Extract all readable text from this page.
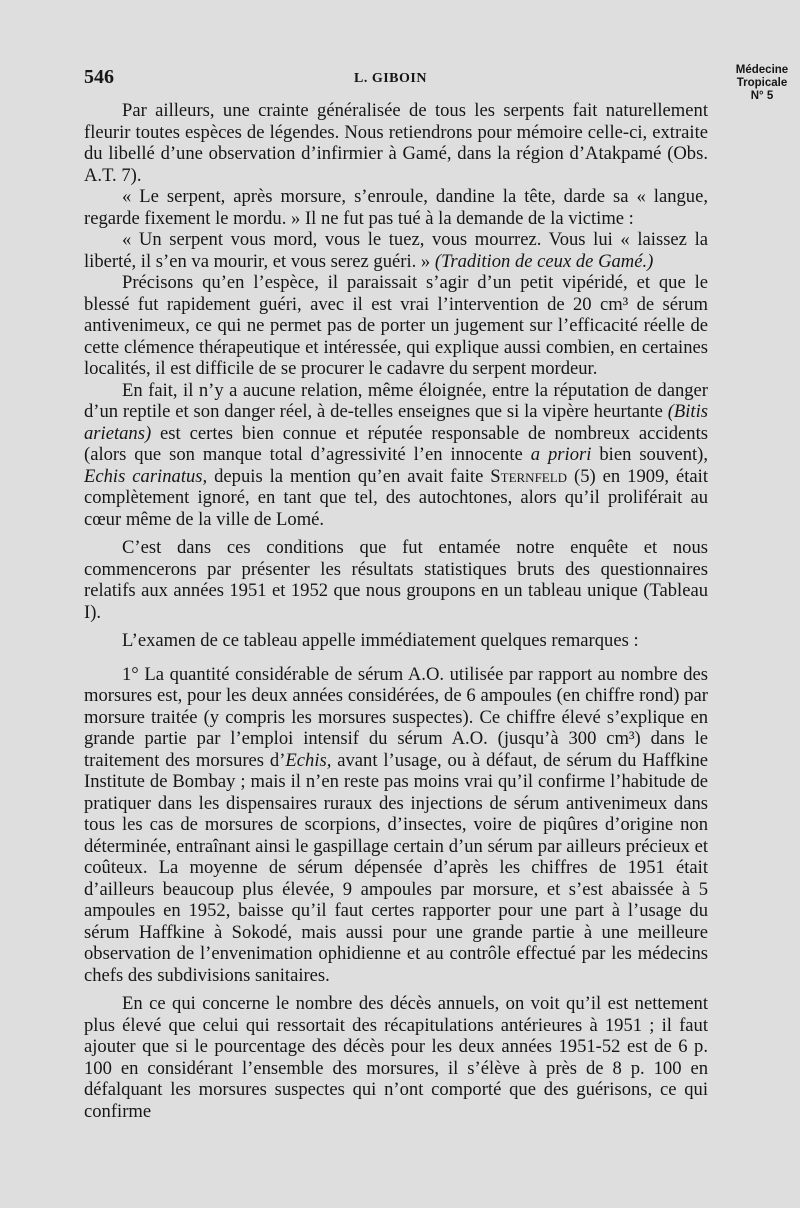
546	L. GIBOIN
Médecine
Tropicale
N° 5

Par ailleurs, une crainte généralisée de tous les serpents fait naturellement fleurir toutes espèces de légendes. Nous retiendrons pour mémoire celle-ci, extraite du libellé d’une observation d’infirmier à Gamé, dans la région d’Atakpamé (Obs. A.T. 7).

« Le serpent, après morsure, s’enroule, dandine la tête, darde sa « langue, regarde fixement le mordu. » Il ne fut pas tué à la demande de la victime :

« Un serpent vous mord, vous le tuez, vous mourrez. Vous lui « laissez la liberté, il s’en va mourir, et vous serez guéri. » (Tradition de ceux de Gamé.)

Précisons qu’en l’espèce, il paraissait s’agir d’un petit vipéridé, et que le blessé fut rapidement guéri, avec il est vrai l’intervention de 20 cm³ de sérum antivenimeux, ce qui ne permet pas de porter un jugement sur l’efficacité réelle de cette clémence thérapeutique et intéressée, qui explique aussi combien, en certaines localités, il est difficile de se procurer le cadavre du serpent mordeur.

En fait, il n’y a aucune relation, même éloignée, entre la réputation de danger d’un reptile et son danger réel, à de-telles enseignes que si la vipère heurtante (Bitis arietans) est certes bien connue et réputée responsable de nombreux accidents (alors que son manque total d’agressivité l’en innocente a priori bien souvent), Echis carinatus, depuis la mention qu’en avait faite Sternfeld (5) en 1909, était complètement ignoré, en tant que tel, des autochtones, alors qu’il proliférait au cœur même de la ville de Lomé.

C’est dans ces conditions que fut entamée notre enquête et nous commencerons par présenter les résultats statistiques bruts des questionnaires relatifs aux années 1951 et 1952 que nous groupons en un tableau unique (Tableau I).

L’examen de ce tableau appelle immédiatement quelques remarques :

1° La quantité considérable de sérum A.O. utilisée par rapport au nombre des morsures est, pour les deux années considérées, de 6 ampoules (en chiffre rond) par morsure traitée (y compris les morsures suspectes). Ce chiffre élevé s’explique en grande partie par l’emploi intensif du sérum A.O. (jusqu’à 300 cm³) dans le traitement des morsures d’Echis, avant l’usage, ou à défaut, de sérum du Haffkine Institute de Bombay ; mais il n’en reste pas moins vrai qu’il confirme l’habitude de pratiquer dans les dispensaires ruraux des injections de sérum antivenimeux dans tous les cas de morsures de scorpions, d’insectes, voire de piqûres d’origine non déterminée, entraînant ainsi le gaspillage certain d’un sérum par ailleurs précieux et coûteux. La moyenne de sérum dépensée d’après les chiffres de 1951 était d’ailleurs beaucoup plus élevée, 9 ampoules par morsure, et s’est abaissée à 5 ampoules en 1952, baisse qu’il faut certes rapporter pour une part à l’usage du sérum Haffkine à Sokodé, mais aussi pour une grande partie à une meilleure observation de l’envenimation ophidienne et au contrôle effectué par les médecins chefs des subdivisions sanitaires.

En ce qui concerne le nombre des décès annuels, on voit qu’il est nettement plus élevé que celui qui ressortait des récapitulations antérieures à 1951 ; il faut ajouter que si le pourcentage des décès pour les deux années 1951-52 est de 6 p. 100 en considérant l’ensemble des morsures, il s’élève à près de 8 p. 100 en défalquant les morsures suspectes qui n’ont comporté que des guérisons, ce qui confirme
